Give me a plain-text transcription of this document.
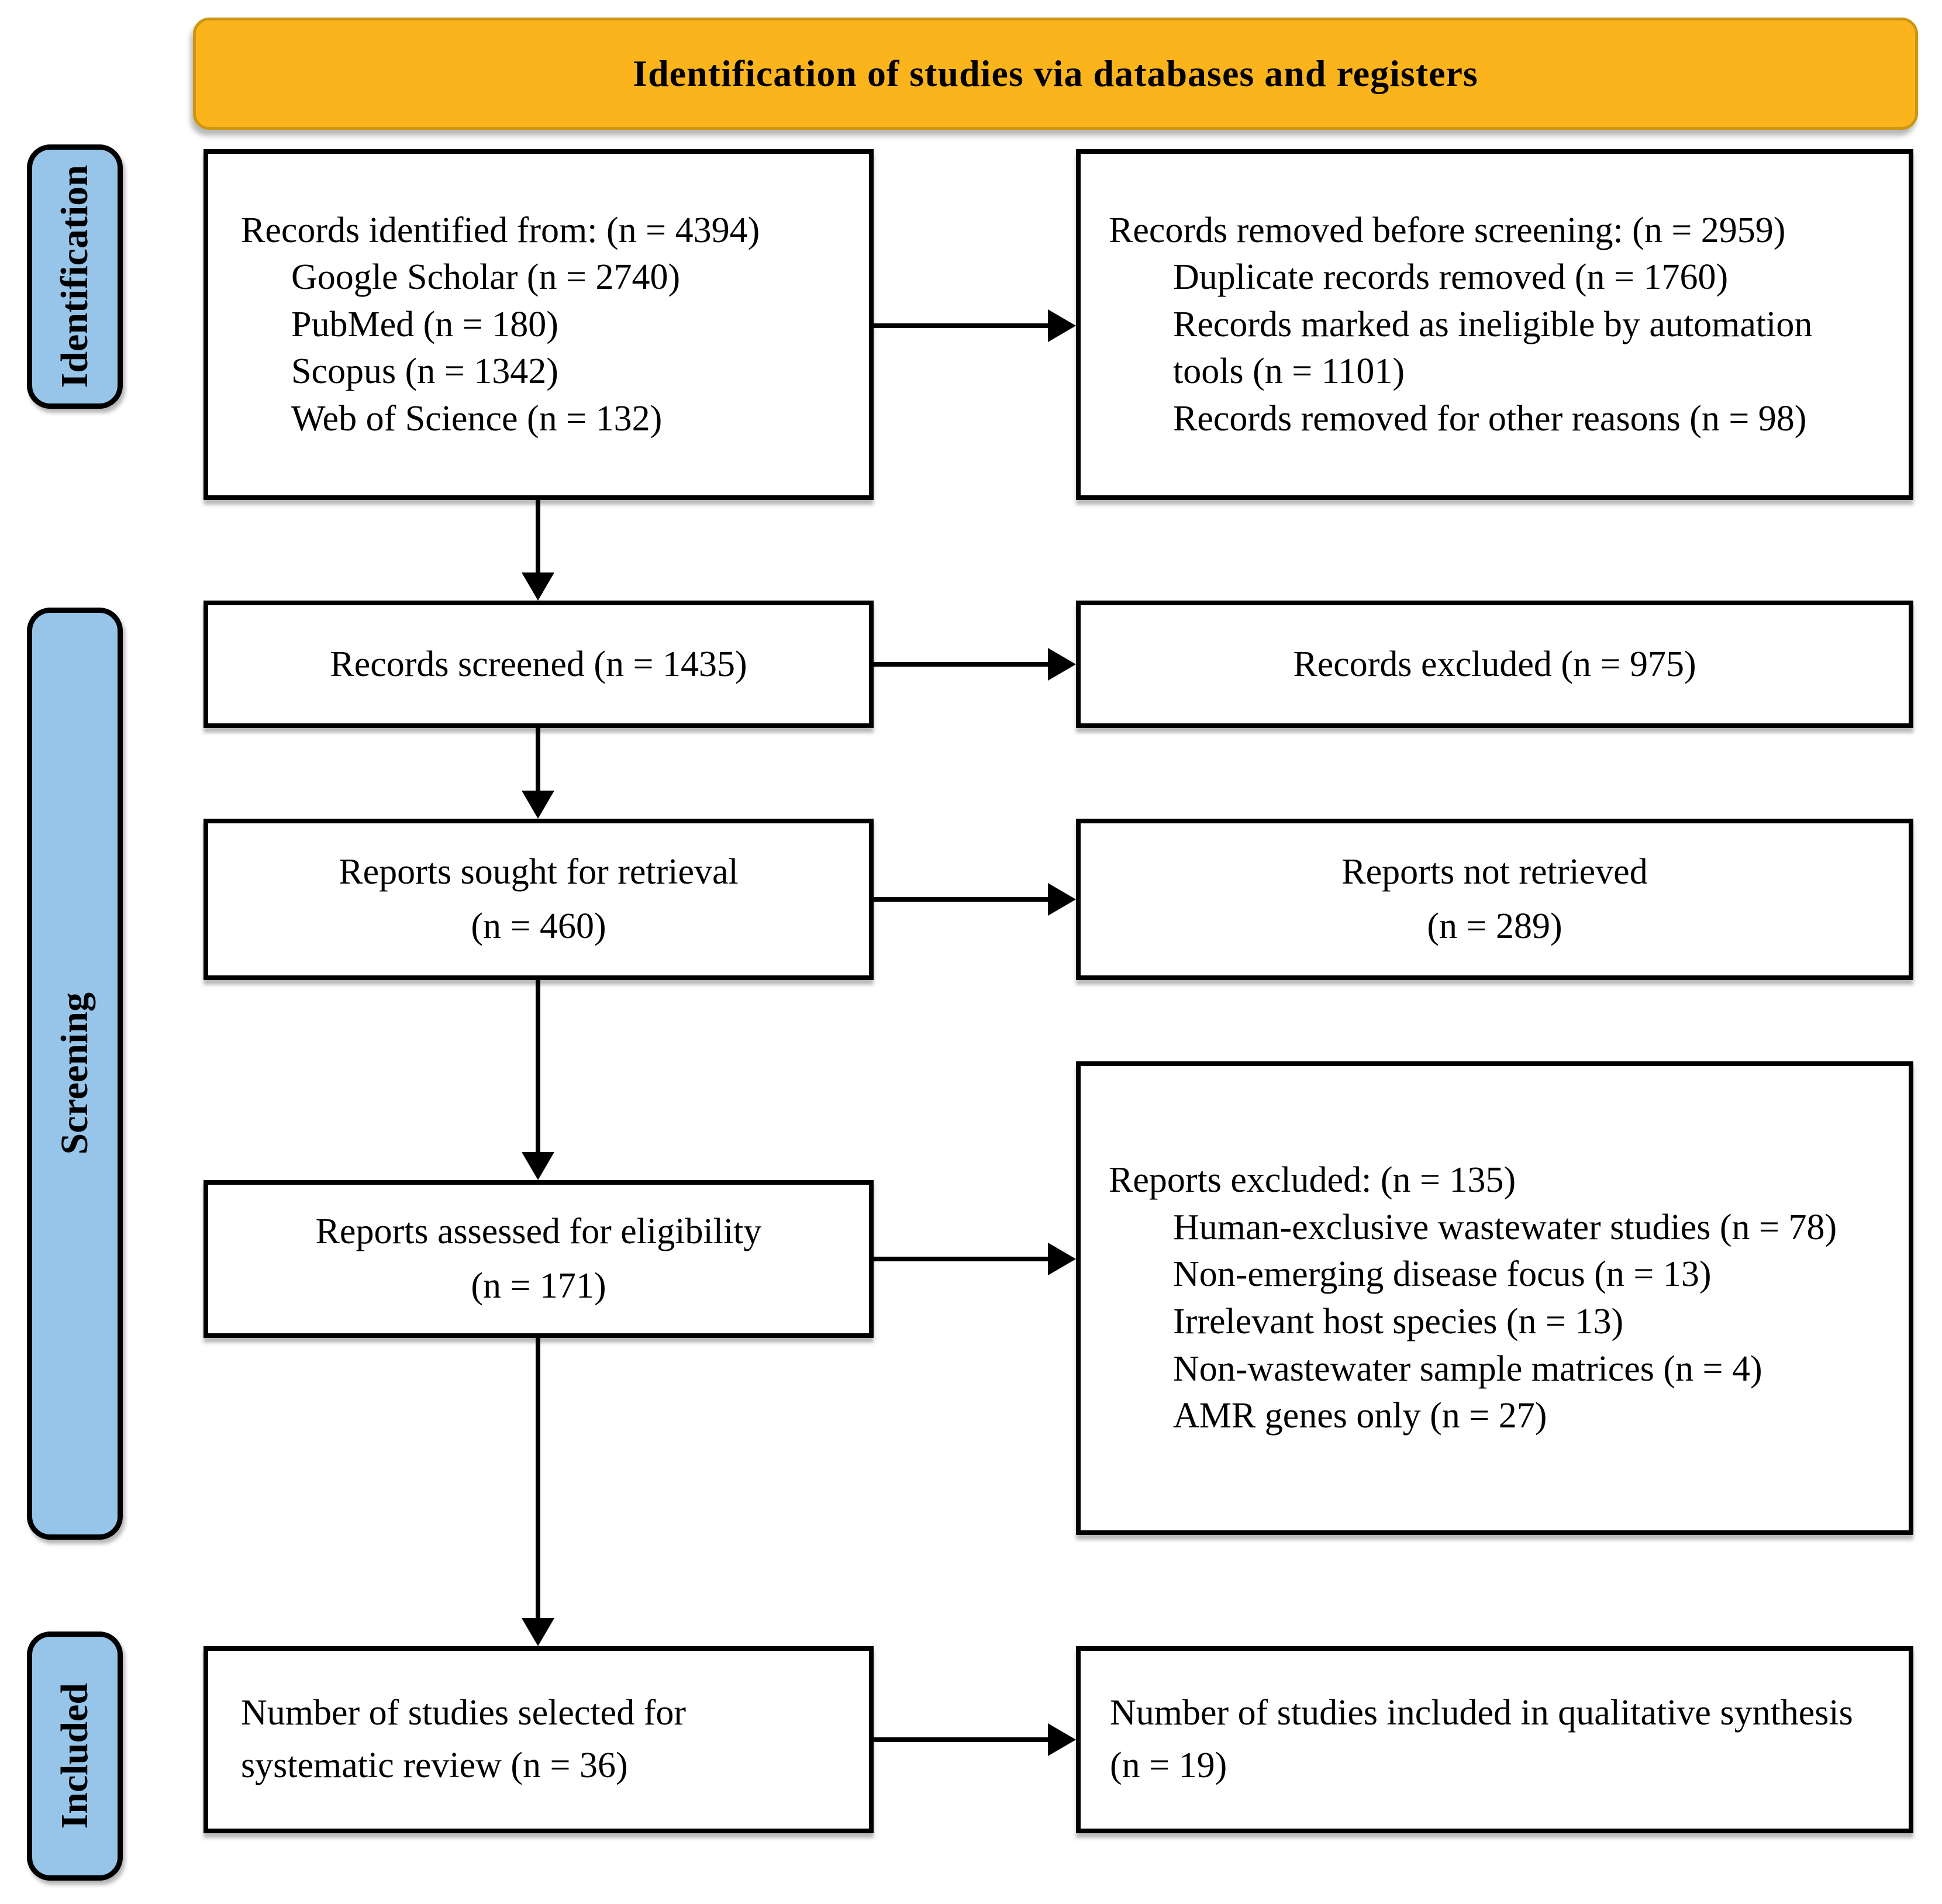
Identification of studies via databases and registers
Identification
Screening
Included
Records identified from: (n = 4394)
Google Scholar (n = 2740)
PubMed (n = 180)
Scopus (n = 1342)
Web of Science (n = 132)
Records removed before screening: (n = 2959)
Duplicate records removed (n = 1760)
Records marked as ineligible by automation tools (n = 1101)
Records removed for other reasons (n = 98)
Records screened (n = 1435)	Records excluded (n = 975)
Reports sought for retrieval
(n = 460)
Reports not retrieved
(n = 289)
Reports assessed for eligibility
(n = 171)
Reports excluded: (n = 135)
Human-exclusive wastewater studies (n = 78)
Non-emerging disease focus (n = 13)
Irrelevant host species (n = 13)
Non-wastewater sample matrices (n = 4)
AMR genes only (n = 27)
Number of studies selected for systematic review (n = 36)
Number of studies included in qualitative synthesis (n = 19)
